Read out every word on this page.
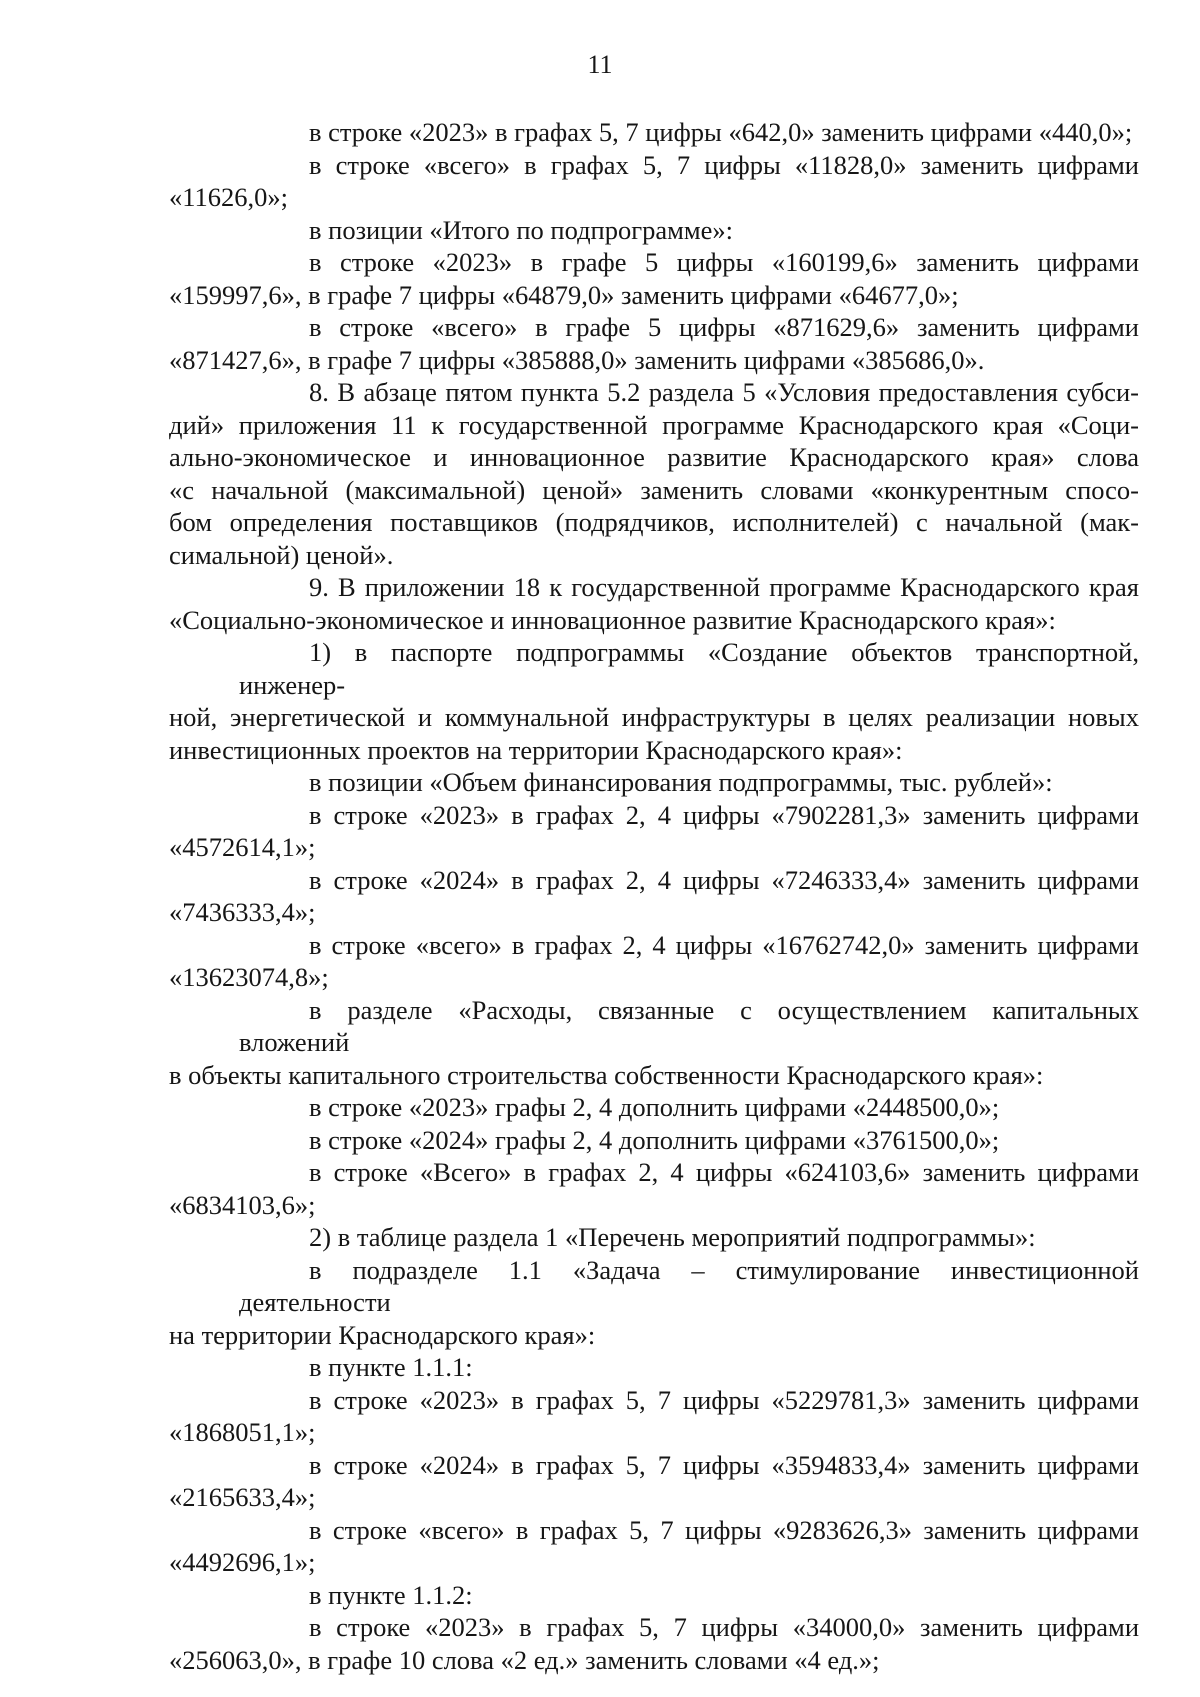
11
в строке «2023» в графах 5, 7 цифры «642,0» заменить цифрами «440,0»;
в строке «всего» в графах 5, 7 цифры «11828,0» заменить цифрами
«11626,0»;
в позиции «Итого по подпрограмме»:
в строке «2023» в графе 5 цифры «160199,6» заменить цифрами
«159997,6», в графе 7 цифры «64879,0» заменить цифрами «64677,0»;
в строке «всего» в графе 5 цифры «871629,6» заменить цифрами
«871427,6», в графе 7 цифры «385888,0» заменить цифрами «385686,0».
8. В абзаце пятом пункта 5.2 раздела 5 «Условия предоставления субси-
дий» приложения 11 к государственной программе Краснодарского края «Соци-
ально-экономическое и инновационное развитие Краснодарского края» слова
«с начальной (максимальной) ценой» заменить словами «конкурентным спосо-
бом определения поставщиков (подрядчиков, исполнителей) с начальной (мак-
симальной) ценой».
9. В приложении 18 к государственной программе Краснодарского края
«Социально-экономическое и инновационное развитие Краснодарского края»:
1) в паспорте подпрограммы «Создание объектов транспортной, инженер-
ной, энергетической и коммунальной инфраструктуры в целях реализации новых
инвестиционных проектов на территории Краснодарского края»:
в позиции «Объем финансирования подпрограммы, тыс. рублей»:
в строке «2023» в графах 2, 4 цифры «7902281,3» заменить цифрами
«4572614,1»;
в строке «2024» в графах 2, 4 цифры «7246333,4» заменить цифрами
«7436333,4»;
в строке «всего» в графах 2, 4 цифры «16762742,0» заменить цифрами
«13623074,8»;
в разделе «Расходы, связанные с осуществлением капитальных вложений
в объекты капитального строительства собственности Краснодарского края»:
в строке «2023» графы 2, 4 дополнить цифрами «2448500,0»;
в строке «2024» графы 2, 4 дополнить цифрами «3761500,0»;
в строке «Всего» в графах 2, 4 цифры «624103,6» заменить цифрами
«6834103,6»;
2) в таблице раздела 1 «Перечень мероприятий подпрограммы»:
в подразделе 1.1 «Задача – стимулирование инвестиционной деятельности
на территории Краснодарского края»:
в пункте 1.1.1:
в строке «2023» в графах 5, 7 цифры «5229781,3» заменить цифрами
«1868051,1»;
в строке «2024» в графах 5, 7 цифры «3594833,4» заменить цифрами
«2165633,4»;
в строке «всего» в графах 5, 7 цифры «9283626,3» заменить цифрами
«4492696,1»;
в пункте 1.1.2:
в строке «2023» в графах 5, 7 цифры «34000,0» заменить цифрами
«256063,0», в графе 10 слова «2 ед.» заменить словами «4 ед.»;
